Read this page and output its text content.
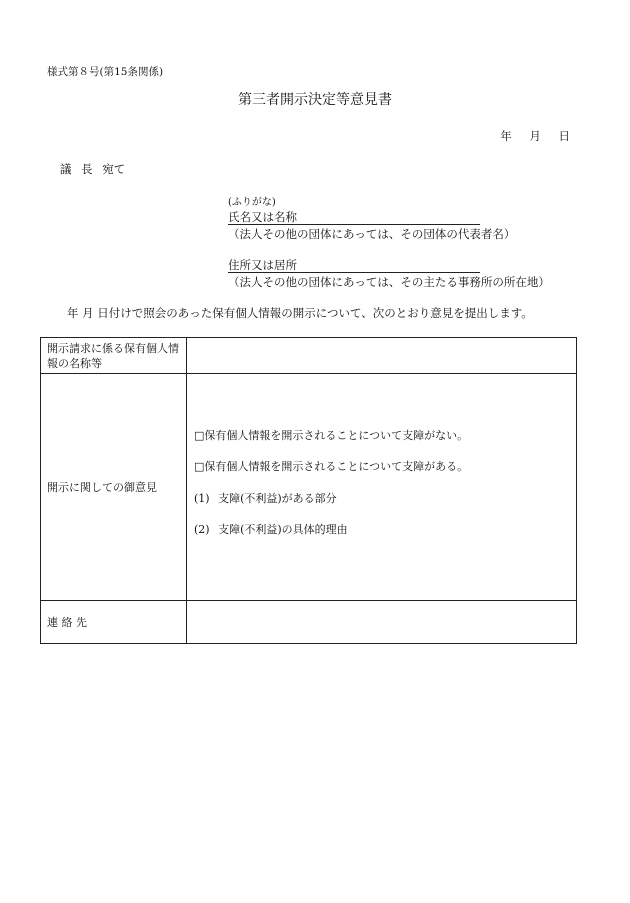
様式第８号(第15条関係)
第三者開示決定等意見書
年 月 日
議 長 宛て
(ふりがな)
氏名又は名称
（法人その他の団体にあっては、その団体の代表者名）
住所又は居所
（法人その他の団体にあっては、その主たる事務所の所在地）
年 月 日付けで照会のあった保有個人情報の開示について、次のとおり意見を提出します。
開示請求に係る保有個人情報の名称等	
開示に関しての御意見	□保有個人情報を開示されることについて支障がない。
□保有個人情報を開示されることについて支障がある。
(1) 支障(不利益)がある部分
(2) 支障(不利益)の具体的理由

連 絡 先	
